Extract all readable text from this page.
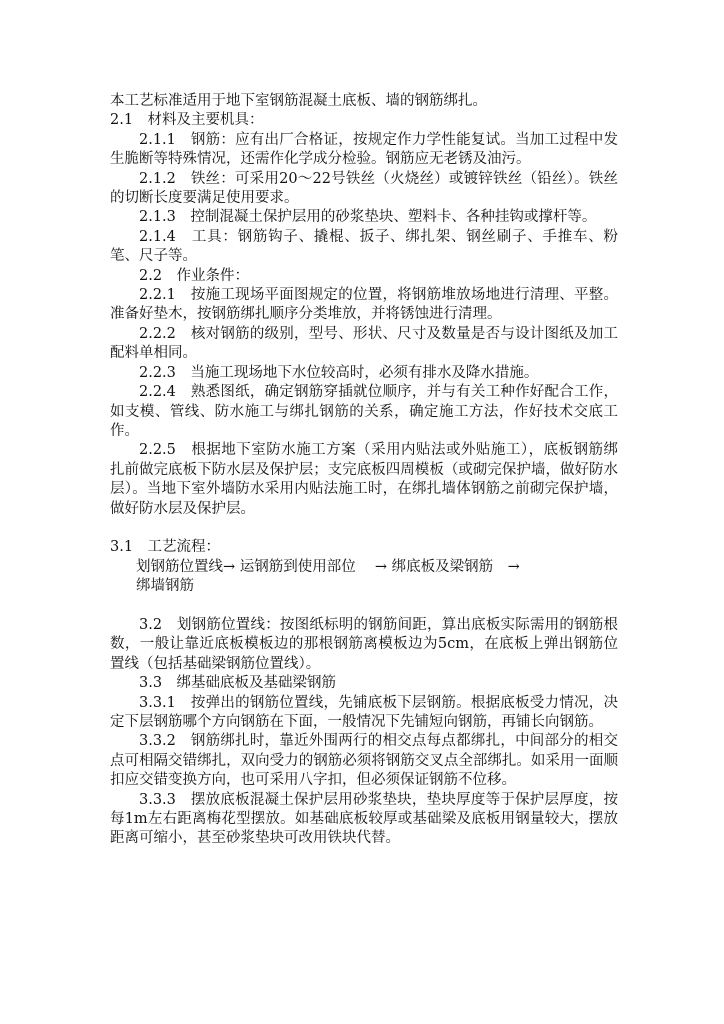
本工艺标准适用于地下室钢筋混凝土底板、墙的钢筋绑扎。

2.1　材料及主要机具：

2.1.1　钢筋：应有出厂合格证，按规定作力学性能复试。当加工过程中发生脆断等特殊情况，还需作化学成分检验。钢筋应无老锈及油污。

2.1.2　铁丝：可采用20～22号铁丝（火烧丝）或镀锌铁丝（铅丝）。铁丝的切断长度要满足使用要求。

2.1.3　控制混凝土保护层用的砂浆垫块、塑料卡、各种挂钩或撑杆等。

2.1.4　工具：钢筋钩子、撬棍、扳子、绑扎架、钢丝刷子、手推车、粉笔、尺子等。

2.2　作业条件：

2.2.1　按施工现场平面图规定的位置，将钢筋堆放场地进行清理、平整。准备好垫木，按钢筋绑扎顺序分类堆放，并将锈蚀进行清理。

2.2.2　核对钢筋的级别，型号、形状、尺寸及数量是否与设计图纸及加工配料单相同。

2.2.3　当施工现场地下水位较高时，必须有排水及降水措施。

2.2.4　熟悉图纸，确定钢筋穿插就位顺序，并与有关工种作好配合工作，如支模、管线、防水施工与绑扎钢筋的关系，确定施工方法，作好技术交底工作。

2.2.5　根据地下室防水施工方案（采用内贴法或外贴施工），底板钢筋绑扎前做完底板下防水层及保护层；支完底板四周模板（或砌完保护墙，做好防水层）。当地下室外墙防水采用内贴法施工时，在绑扎墙体钢筋之前砌完保护墙，做好防水层及保护层。

3.1　工艺流程：

划钢筋位置线→ 运钢筋到使用部位　 → 绑底板及梁钢筋　→

绑墙钢筋

3.2　划钢筋位置线：按图纸标明的钢筋间距，算出底板实际需用的钢筋根数，一般让靠近底板模板边的那根钢筋离模板边为5cm，在底板上弹出钢筋位置线（包括基础梁钢筋位置线）。

3.3　绑基础底板及基础梁钢筋

3.3.1　按弹出的钢筋位置线，先铺底板下层钢筋。根据底板受力情况，决定下层钢筋哪个方向钢筋在下面，一般情况下先铺短向钢筋，再铺长向钢筋。

3.3.2　钢筋绑扎时，靠近外围两行的相交点每点都绑扎，中间部分的相交点可相隔交错绑扎，双向受力的钢筋必须将钢筋交叉点全部绑扎。如采用一面顺扣应交错变换方向，也可采用八字扣，但必须保证钢筋不位移。

3.3.3　摆放底板混凝土保护层用砂浆垫块，垫块厚度等于保护层厚度，按每1m左右距离梅花型摆放。如基础底板较厚或基础梁及底板用钢量较大，摆放距离可缩小，甚至砂浆垫块可改用铁块代替。
